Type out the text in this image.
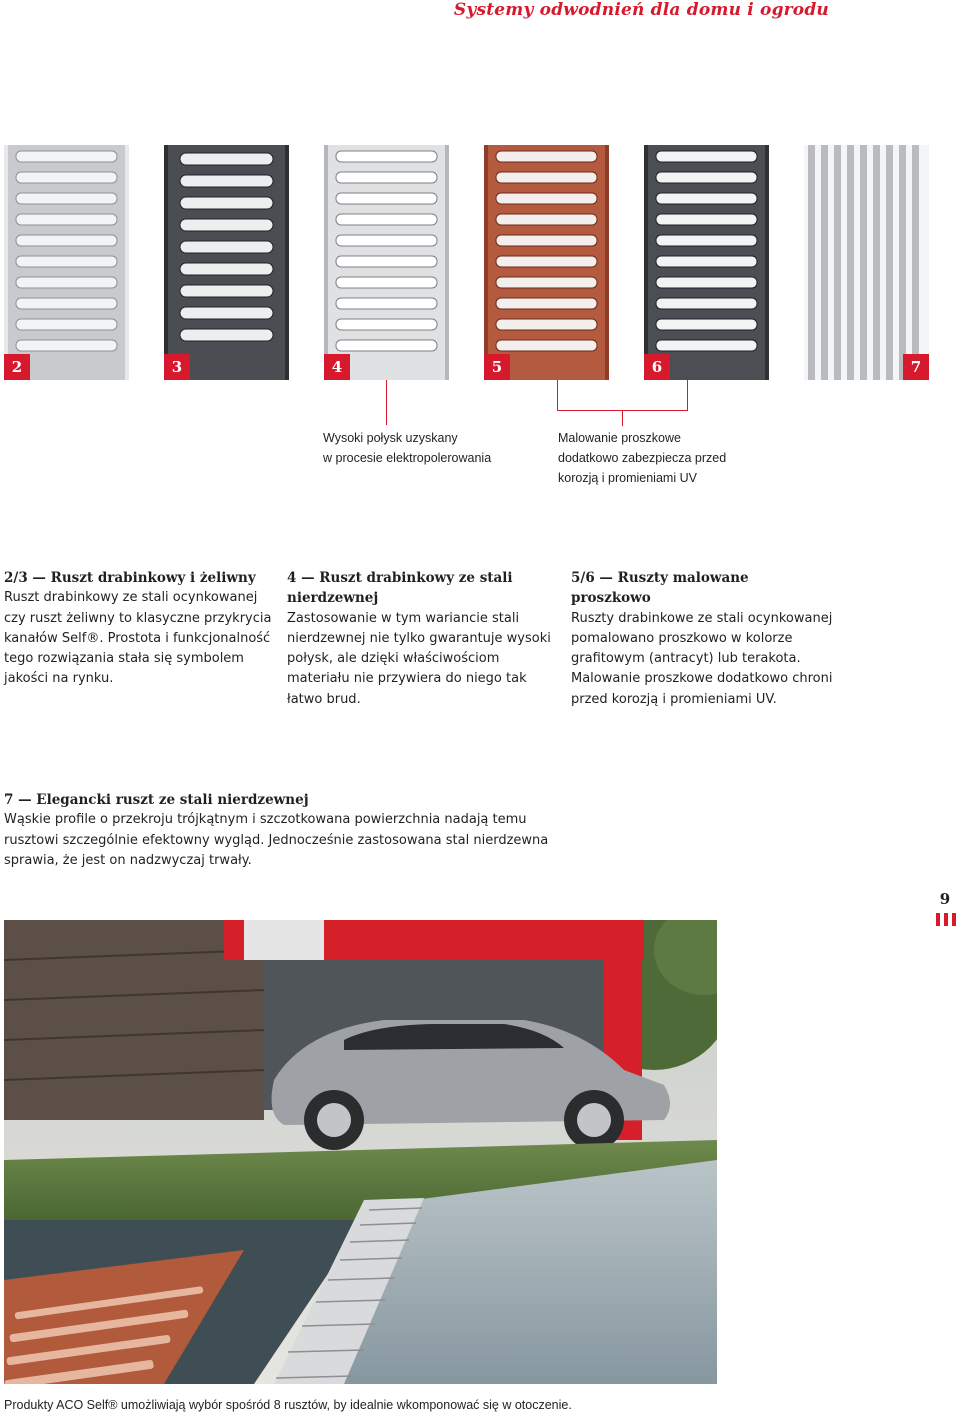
Systemy odwodnień dla domu i ogrodu
2	3	4	5	6	7
Wysoki połysk uzyskany
w procesie elektropolerowania
Malowanie proszkowe
dodatkowo zabezpiecza przed
korozją i promieniami UV
2/3 — Ruszt drabinkowy i żeliwny
Ruszt drabinkowy ze stali ocynkowanej
czy ruszt żeliwny to klasyczne przykrycia
kanałów Self®. Prostota i funkcjonalność
tego rozwiązania stała się symbolem
jakości na rynku.
4 — Ruszt drabinkowy ze stali
nierdzewnej
Zastosowanie w tym wariancie stali
nierdzewnej nie tylko gwarantuje wysoki
połysk, ale dzięki właściwościom
materiału nie przywiera do niego tak
łatwo brud.
5/6 — Ruszty malowane
proszkowo
Ruszty drabinkowe ze stali ocynkowanej
pomalowano proszkowo w kolorze
grafitowym (antracyt) lub terakota.
Malowanie proszkowe dodatkowo chroni
przed korozją i promieniami UV.
7 — Elegancki ruszt ze stali nierdzewnej
Wąskie profile o przekroju trójkątnym i szczotkowana powierzchnia nadają temu
rusztowi szczególnie efektowny wygląd. Jednocześnie zastosowana stal nierdzewna
sprawia, że jest on nadzwyczaj trwały.
9
Produkty ACO Self® umożliwiają wybór spośród 8 rusztów, by idealnie wkomponować się w otoczenie.
